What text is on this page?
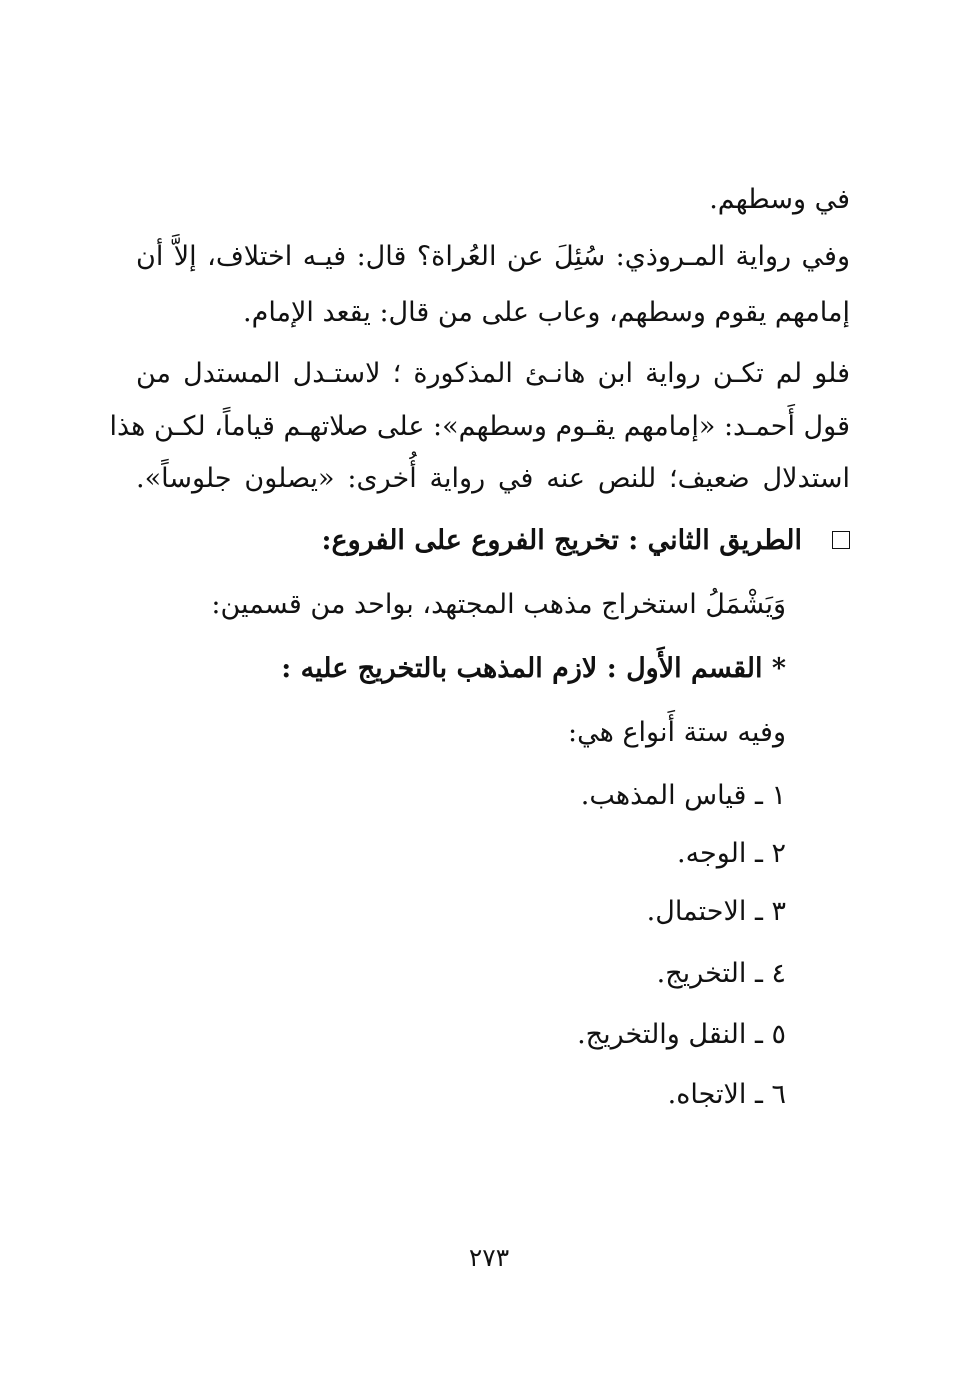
في وسطهم.
وفي رواية المـروذي: سُئِلَ عن العُراة؟ قال: فيـه اختلاف، إلاَّ أن
إمامهم يقوم وسطهم، وعاب على من قال: يقعد الإمام.
فلو لم تكـن رواية ابن هانـئ المذكورة ؛ لاستـدل المستدل من
قول أَحمـد: «إمامهم يقـوم وسطهم»: على صلاتهـم قياماً، لكـن هذا
استدلال ضعيف؛ للنص عنه في رواية أُخرى: «يصلون جلوساً».
الطريق الثاني : تخريج الفروع على الفروع:
وَيَشْمَلُ استخراج مذهب المجتهد، بواحد من قسمين:
* القسم الأَول : لازم المذهب بالتخريج عليه :
وفيه ستة أَنواع هي:
١ ـ قياس المذهب.
٢ ـ الوجه.
٣ ـ الاحتمال.
٤ ـ التخريج.
٥ ـ النقل والتخريج.
٦ ـ الاتجاه.
٢٧٣
